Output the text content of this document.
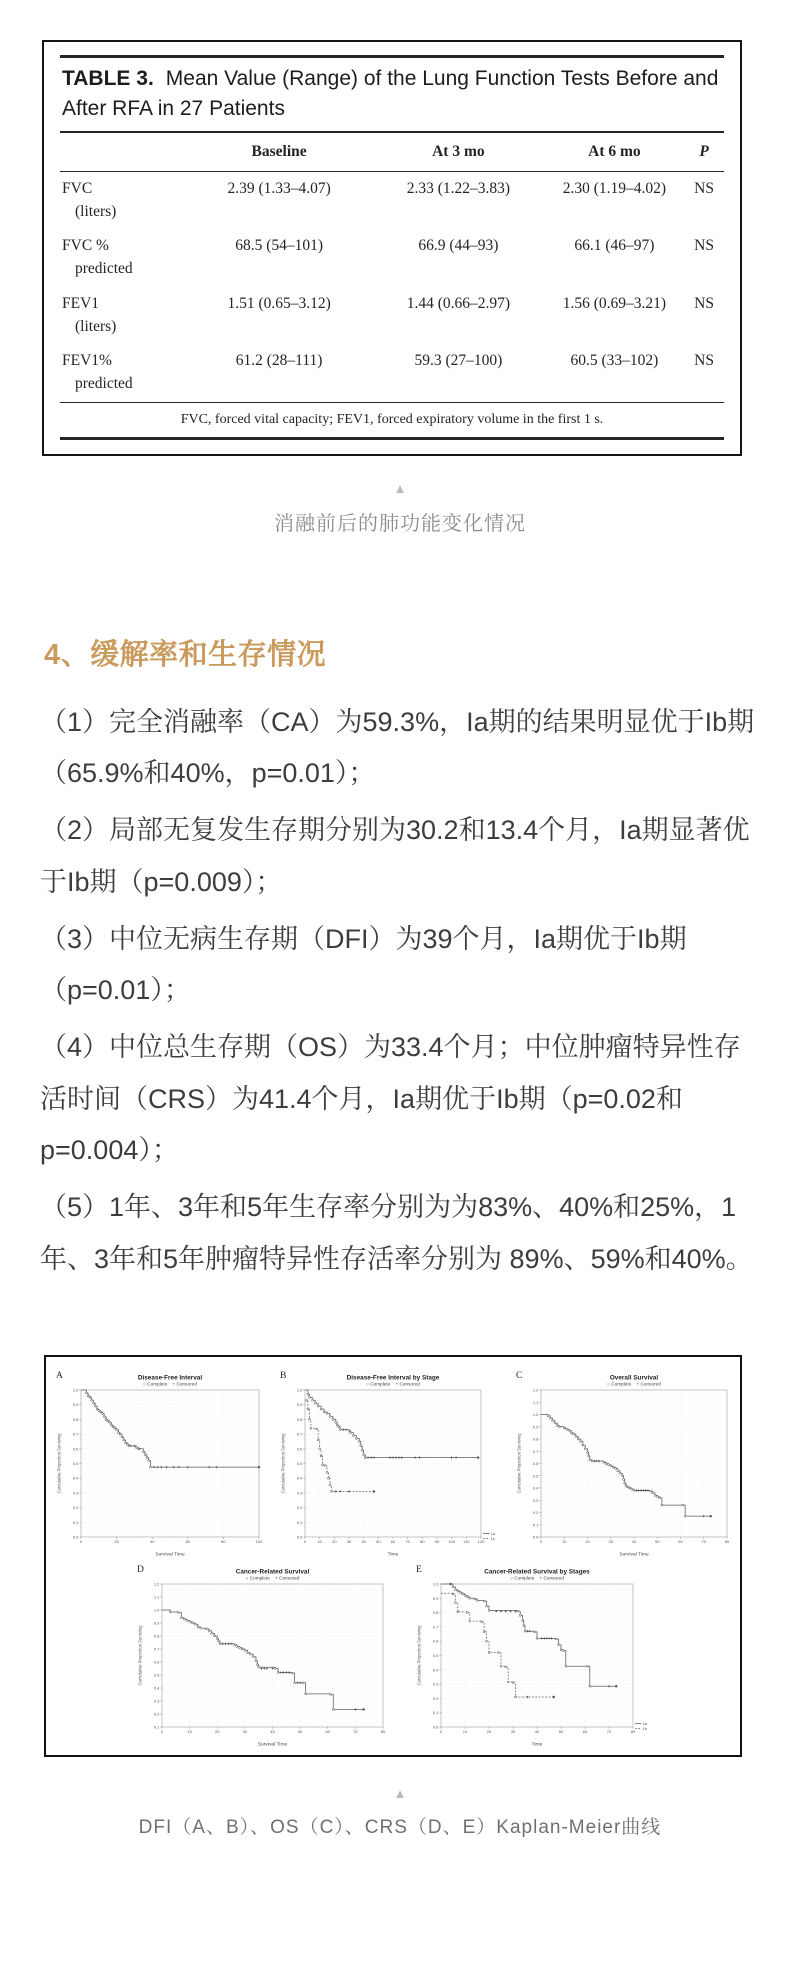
TABLE 3. Mean Value (Range) of the Lung Function Tests Before and After RFA in 27 Patients
	Baseline	At 3 mo	At 6 mo	P

FVC
(liters)	2.39 (1.33–4.07)	2.33 (1.22–3.83)	2.30 (1.19–4.02)	NS

FVC %
predicted	68.5 (54–101)	66.9 (44–93)	66.1 (46–97)	NS

FEV1
(liters)	1.51 (0.65–3.12)	1.44 (0.66–2.97)	1.56 (0.69–3.21)	NS

FEV1%
predicted	61.2 (28–111)	59.3 (27–100)	60.5 (33–102)	NS
FVC, forced vital capacity; FEV1, forced expiratory volume in the first 1 s.
▲
消融前后的肺功能变化情况
4、缓解率和生存情况

（1）完全消融率（CA）为59.3%，Ia期的结果明显优于Ib期（65.9%和40%，p=0.01）；

（2）局部无复发生存期分别为30.2和13.4个月，Ia期显著优于Ib期（p=0.009）；

（3）中位无病生存期（DFI）为39个月，Ia期优于Ib期（p=0.01）；

（4）中位总生存期（OS）为33.4个月；中位肿瘤特异性存活时间（CRS）为41.4个月，Ia期优于Ib期（p=0.02和p=0.004）；

（5）1年、3年和5年生存率分别为为83%、40%和25%，1年、3年和5年肿瘤特异性存活率分别为 89%、59%和40%。

A	Disease-Free Interval
○ Complete    + Censored
0	20	40	60	80	100
0.0
0.1
0.2
0.3
0.4
0.5
0.6
0.7
0.8
0.9
1.0
Cumulative Proportion Surviving
Survival Time
B	Disease-Free Interval by Stage
○ Complete    + Censored
0	10	20	30	40	50	60	70	80	90 100 110 120
0.0
0.1
0.2
0.3
0.4
0.5
0.6
0.7
0.8
0.9
1.0
Cumulative Proportion Surviving
Time
1a
1b
C	Overall Survival
○ Complete    + Censored
0	10	20	30	40	50	60	70	80
0.0
0.1
0.2
0.3
0.4
0.5
0.6
0.7
0.8
0.9
1.0
1.1
1.2
Cumulative Proportion Surviving
Survival Time
D	Cancer-Related Survival
○ Complete    + Censored
0	10	20	30	40	50	60	70	80
0.1
0.2
0.3
0.4
0.5
0.6
0.7
0.8
0.9
1.0
1.1
1.2
Cumulative Proportion Surviving
Survival Time
E	Cancer-Related Survival by Stages
○ Complete    + Censored
0	10	20	30	40	50	60	70	80
0.0
0.1
0.2
0.3
0.4
0.5
0.6
0.7
0.8
0.9
1.0
Cumulative Proportion Surviving
Time
1a
1b
▲
DFI（A、B）、OS（C）、CRS（D、E）Kaplan-Meier曲线
